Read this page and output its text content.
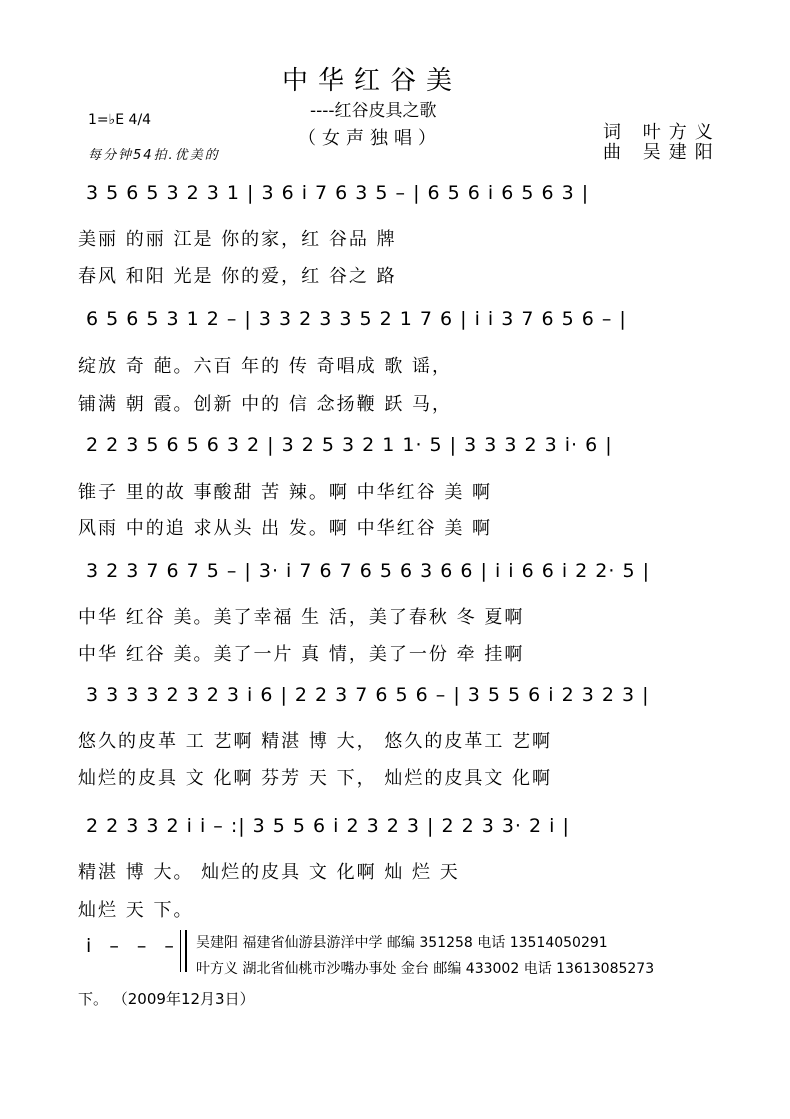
中华红谷美
----红谷皮具之歌
（女声独唱）	词 叶方义
曲 吴建阳
1=♭E 4/4
每分钟54拍.优美的
3 5 6 5 3 2 3 1 | 3 6 i 7 6 3 5 – | 6 5 6 i 6 5 6 3 |
美丽 的丽 江是 你的家，红 谷品 牌
春风 和阳 光是 你的爱，红 谷之 路
6 5 6 5 3 1 2 – | 3 3 2 3 3 5 2 1 7 6 | i i 3 7 6 5 6 – |
绽放 奇 葩。六百 年的 传 奇唱成 歌 谣，
铺满 朝 霞。创新 中的 信 念扬鞭 跃 马，
2 2 3 5 6 5 6 3 2 | 3 2 5 3 2 1 1· 5 | 3 3 3 2 3 i· 6 |
锥子 里的故 事酸甜 苦 辣。啊 中华红谷 美 啊
风雨 中的追 求从头 出 发。啊 中华红谷 美 啊
3 2 3 7 6 7 5 – | 3· i 7 6 7 6 5 6 3 6 6 | i i 6 6 i 2 2· 5 |
中华 红谷 美。美了幸福 生 活，美了春秋 冬 夏啊
中华 红谷 美。美了一片 真 情，美了一份 牵 挂啊
3 3 3 3 2 3 2 3 i 6 | 2 2 3 7 6 5 6 – | 3 5 5 6 i 2 3 2 3 |
悠久的皮革 工 艺啊 精湛 博 大， 悠久的皮革工 艺啊
灿烂的皮具 文 化啊 芬芳 天 下， 灿烂的皮具文 化啊
2 2 3 3 2 i i – :| 3 5 5 6 i 2 3 2 3 | 2 2 3 3· 2 i |
精湛 博 大。 灿烂的皮具 文 化啊 灿 烂 天
灿烂 天 下。
i – – – 吴建阳 福建省仙游县游洋中学 邮编 351258 电话 13514050291
叶方义 湖北省仙桃市沙嘴办事处 金台 邮编 433002 电话 13613085273
下。 （2009年12月3日）
